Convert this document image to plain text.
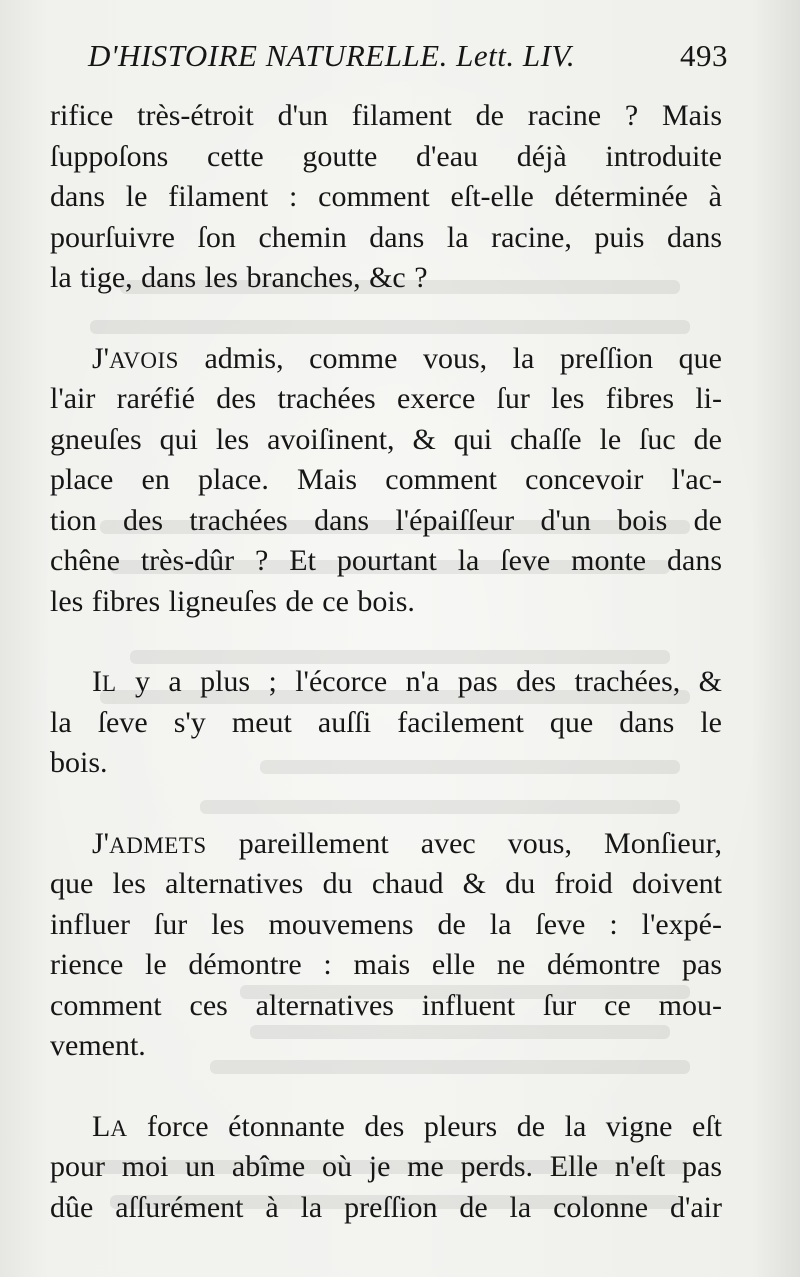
D'HISTOIRE NATURELLE. Lett. LIV.	493
rifice très-étroit d'un filament de racine ? Mais
ſuppoſons cette goutte d'eau déjà introduite
dans le filament : comment eſt-elle déterminée à
pourſuivre ſon chemin dans la racine, puis dans
la tige, dans les branches, &c ?
J'AVOIS admis, comme vous, la preſſion que
l'air raréfié des trachées exerce ſur les fibres li-
gneuſes qui les avoiſinent, & qui chaſſe le ſuc de
place en place. Mais comment concevoir l'ac-
tion des trachées dans l'épaiſſeur d'un bois de
chêne très-dûr ? Et pourtant la ſeve monte dans
les fibres ligneuſes de ce bois.
IL y a plus ; l'écorce n'a pas des trachées, &
la ſeve s'y meut auſſi facilement que dans le
bois.
J'ADMETS pareillement avec vous, Monſieur,
que les alternatives du chaud & du froid doivent
influer ſur les mouvemens de la ſeve : l'expé-
rience le démontre : mais elle ne démontre pas
comment ces alternatives influent ſur ce mou-
vement.
LA force étonnante des pleurs de la vigne eſt
pour moi un abîme où je me perds. Elle n'eſt pas
dûe aſſurément à la preſſion de la colonne d'air
